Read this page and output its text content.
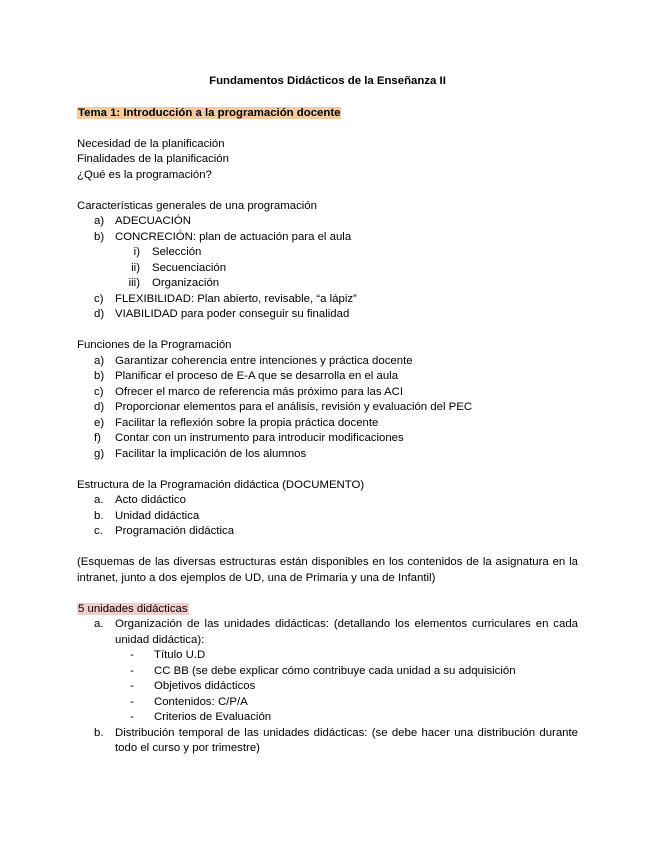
Fundamentos Didácticos de la Enseñanza II

Tema 1: Introducción a la programación docente

Necesidad de la planificación

Finalidades de la planificación

¿Qué es la programación?

Características generales de una programación

a) ADECUACIÓN
b) CONCRECIÓN: plan de actuación para el aula
i)	Selección
ii)	Secuenciación
iii)	Organización
c)	FLEXIBILIDAD: Plan abierto, revisable, “a lápiz”
d) VIABILIDAD para poder conseguir su finalidad

Funciones de la Programación

a) Garantizar coherencia entre intenciones y práctica docente
b) Planificar el proceso de E-A que se desarrolla en el aula
c)	Ofrecer el marco de referencia más próximo para las ACI
d) Proporcionar elementos para el análisis, revisión y evaluación del PEC
e) Facilitar la reflexión sobre la propia práctica docente
f)	Contar con un instrumento para introducir modificaciones
g) Facilitar la implicación de los alumnos

Estructura de la Programación didáctica (DOCUMENTO)

a.	Acto didáctico
b.	Unidad didáctica
c.	Programación didáctica

(Esquemas de las diversas estructuras están disponibles en los contenidos de la asignatura en la intranet, junto a dos ejemplos de UD, una de Primaria y una de Infantil)

5 unidades didácticas

a.	Organización de las unidades didácticas: (detallando los elementos curriculares en cada unidad didáctica):
-	Título U.D
-	CC BB (se debe explicar cómo contribuye cada unidad a su adquisición
-	Objetivos didácticos
-	Contenidos: C/P/A
-	Criterios de Evaluación
b.	Distribución temporal de las unidades didácticas: (se debe hacer una distribución durante todo el curso y por trimestre)
